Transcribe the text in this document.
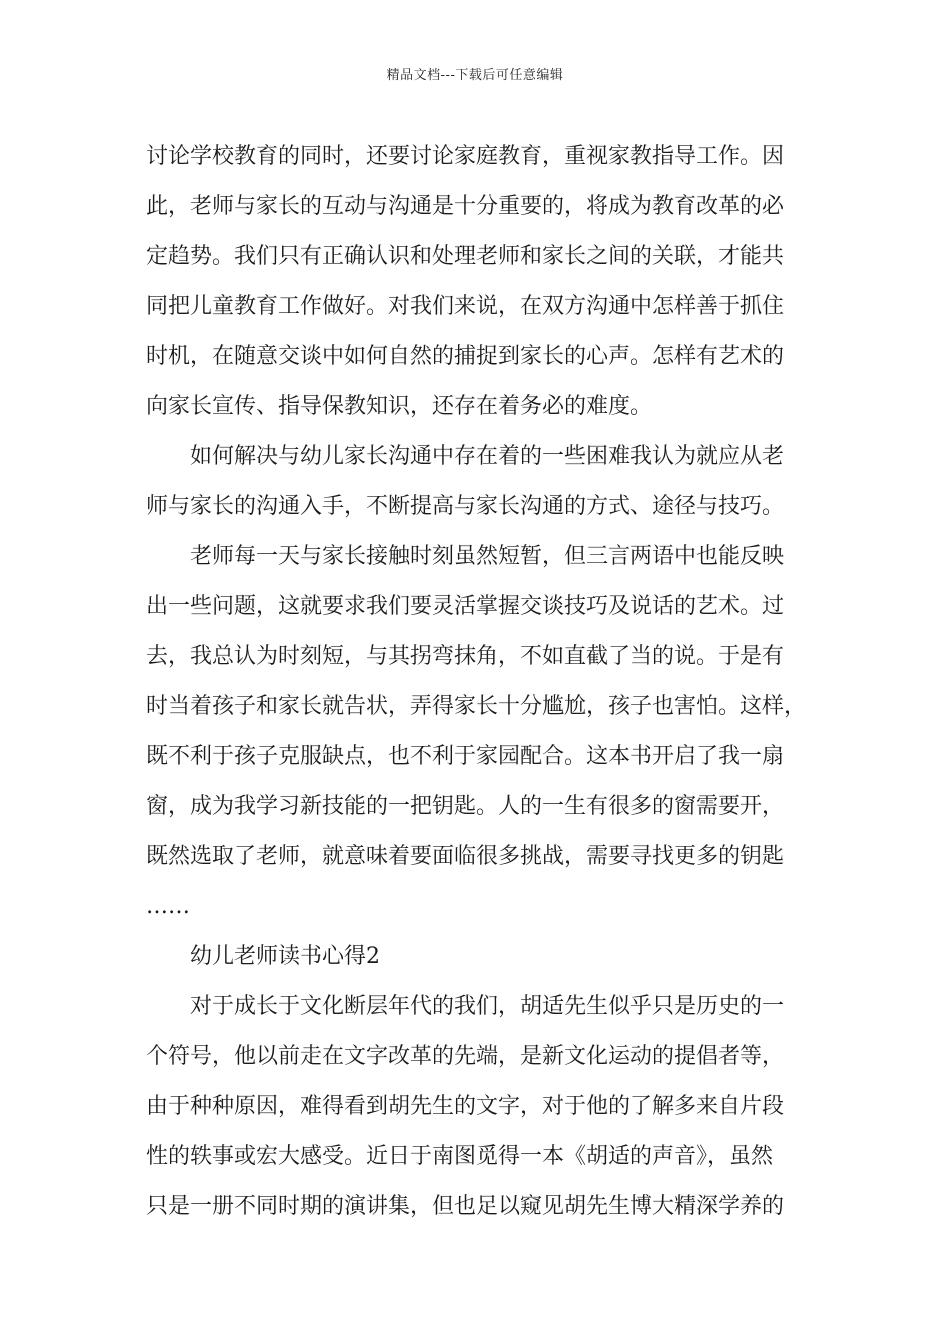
精品文档---下载后可任意编辑
讨论学校教育的同时，还要讨论家庭教育，重视家教指导工作。因
此，老师与家长的互动与沟通是十分重要的，将成为教育改革的必
定趋势。我们只有正确认识和处理老师和家长之间的关联，才能共
同把儿童教育工作做好。对我们来说，在双方沟通中怎样善于抓住
时机，在随意交谈中如何自然的捕捉到家长的心声。怎样有艺术的
向家长宣传、指导保教知识，还存在着务必的难度。
如何解决与幼儿家长沟通中存在着的一些困难我认为就应从老
师与家长的沟通入手，不断提高与家长沟通的方式、途径与技巧。
老师每一天与家长接触时刻虽然短暂，但三言两语中也能反映
出一些问题，这就要求我们要灵活掌握交谈技巧及说话的艺术。过
去，我总认为时刻短，与其拐弯抹角，不如直截了当的说。于是有
时当着孩子和家长就告状，弄得家长十分尴尬，孩子也害怕。这样，
既不利于孩子克服缺点，也不利于家园配合。这本书开启了我一扇
窗，成为我学习新技能的一把钥匙。人的一生有很多的窗需要开，
既然选取了老师，就意味着要面临很多挑战，需要寻找更多的钥匙
……
幼儿老师读书心得2
对于成长于文化断层年代的我们，胡适先生似乎只是历史的一
个符号，他以前走在文字改革的先端，是新文化运动的提倡者等，
由于种种原因，难得看到胡先生的文字，对于他的了解多来自片段
性的轶事或宏大感受。近日于南图觅得一本《胡适的声音》，虽然
只是一册不同时期的演讲集，但也足以窥见胡先生博大精深学养的
